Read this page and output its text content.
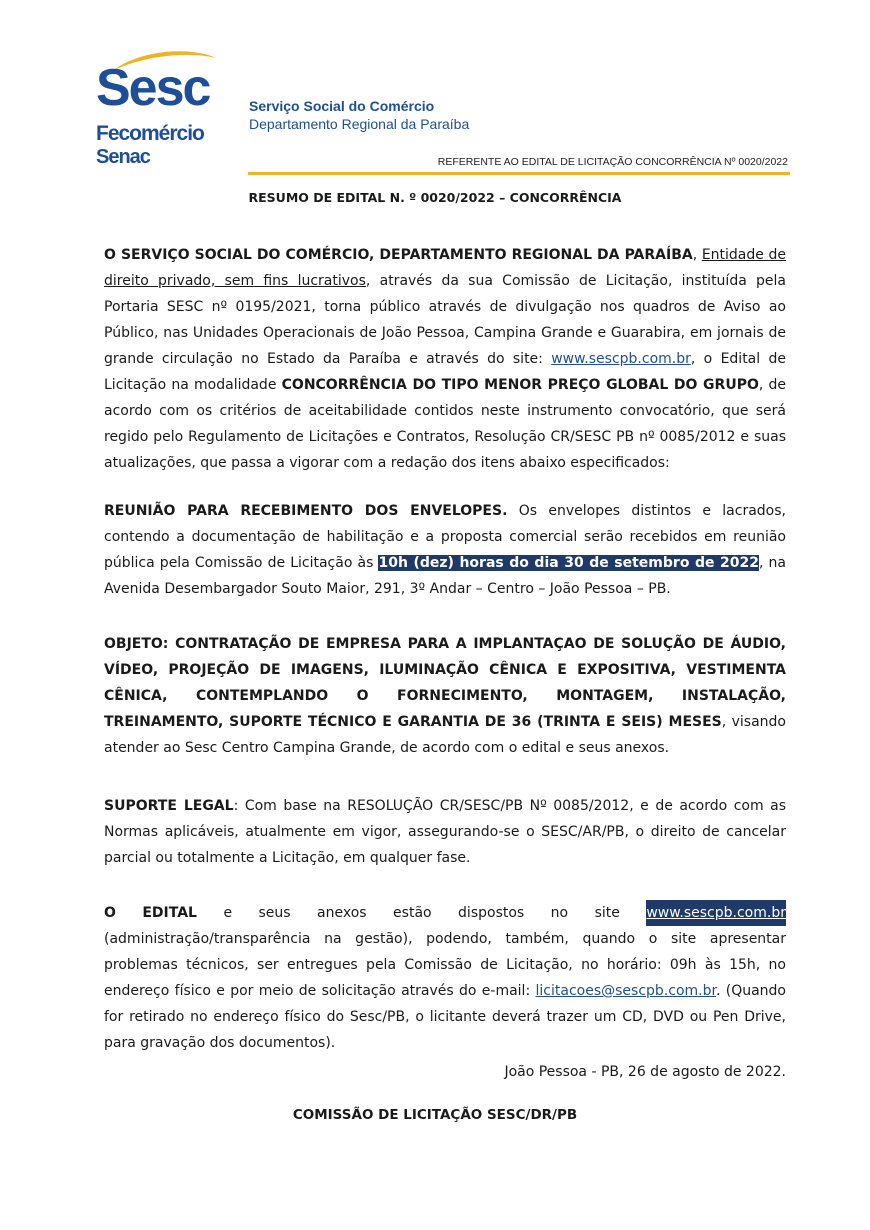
Sesc
Fecomércio
Senac
Serviço Social do Comércio
Departamento Regional da Paraíba
REFERENTE AO EDITAL DE LICITAÇÃO CONCORRÊNCIA Nº 0020/2022
RESUMO DE EDITAL N. º 0020/2022 – CONCORRÊNCIA
O SERVIÇO SOCIAL DO COMÉRCIO, DEPARTAMENTO REGIONAL DA PARAÍBA, Entidade de direito privado, sem fins lucrativos, através da sua Comissão de Licitação, instituída pela Portaria SESC nº 0195/2021, torna público através de divulgação nos quadros de Aviso ao Público, nas Unidades Operacionais de João Pessoa, Campina Grande e Guarabira, em jornais de grande circulação no Estado da Paraíba e através do site: www.sescpb.com.br, o Edital de Licitação na modalidade CONCORRÊNCIA DO TIPO MENOR PREÇO GLOBAL DO GRUPO, de acordo com os critérios de aceitabilidade contidos neste instrumento convocatório, que será regido pelo Regulamento de Licitações e Contratos, Resolução CR/SESC PB nº 0085/2012 e suas atualizações, que passa a vigorar com a redação dos itens abaixo especificados:
REUNIÃO PARA RECEBIMENTO DOS ENVELOPES. Os envelopes distintos e lacrados, contendo a documentação de habilitação e a proposta comercial serão recebidos em reunião pública pela Comissão de Licitação às 10h (dez) horas do dia 30 de setembro de 2022, na Avenida Desembargador Souto Maior, 291, 3º Andar – Centro – João Pessoa – PB.
OBJETO: CONTRATAÇÃO DE EMPRESA PARA A IMPLANTAÇAO DE SOLUÇÃO DE ÁUDIO, VÍDEO, PROJEÇÃO DE IMAGENS, ILUMINAÇÃO CÊNICA E EXPOSITIVA, VESTIMENTA CÊNICA, CONTEMPLANDO O FORNECIMENTO, MONTAGEM, INSTALAÇÃO, TREINAMENTO, SUPORTE TÉCNICO E GARANTIA DE 36 (TRINTA E SEIS) MESES, visando atender ao Sesc Centro Campina Grande, de acordo com o edital e seus anexos.
SUPORTE LEGAL: Com base na RESOLUÇÃO CR/SESC/PB Nº 0085/2012, e de acordo com as Normas aplicáveis, atualmente em vigor, assegurando-se o SESC/AR/PB, o direito de cancelar parcial ou totalmente a Licitação, em qualquer fase.
O EDITAL e seus anexos estão dispostos no site www.sescpb.com.br
(administração/transparência na gestão), podendo, também, quando o site apresentar problemas técnicos, ser entregues pela Comissão de Licitação, no horário: 09h às 15h, no endereço físico e por meio de solicitação através do e-mail: licitacoes@sescpb.com.br. (Quando for retirado no endereço físico do Sesc/PB, o licitante deverá trazer um CD, DVD ou Pen Drive, para gravação dos documentos).
João Pessoa - PB, 26 de agosto de 2022.
COMISSÃO DE LICITAÇÃO SESC/DR/PB
